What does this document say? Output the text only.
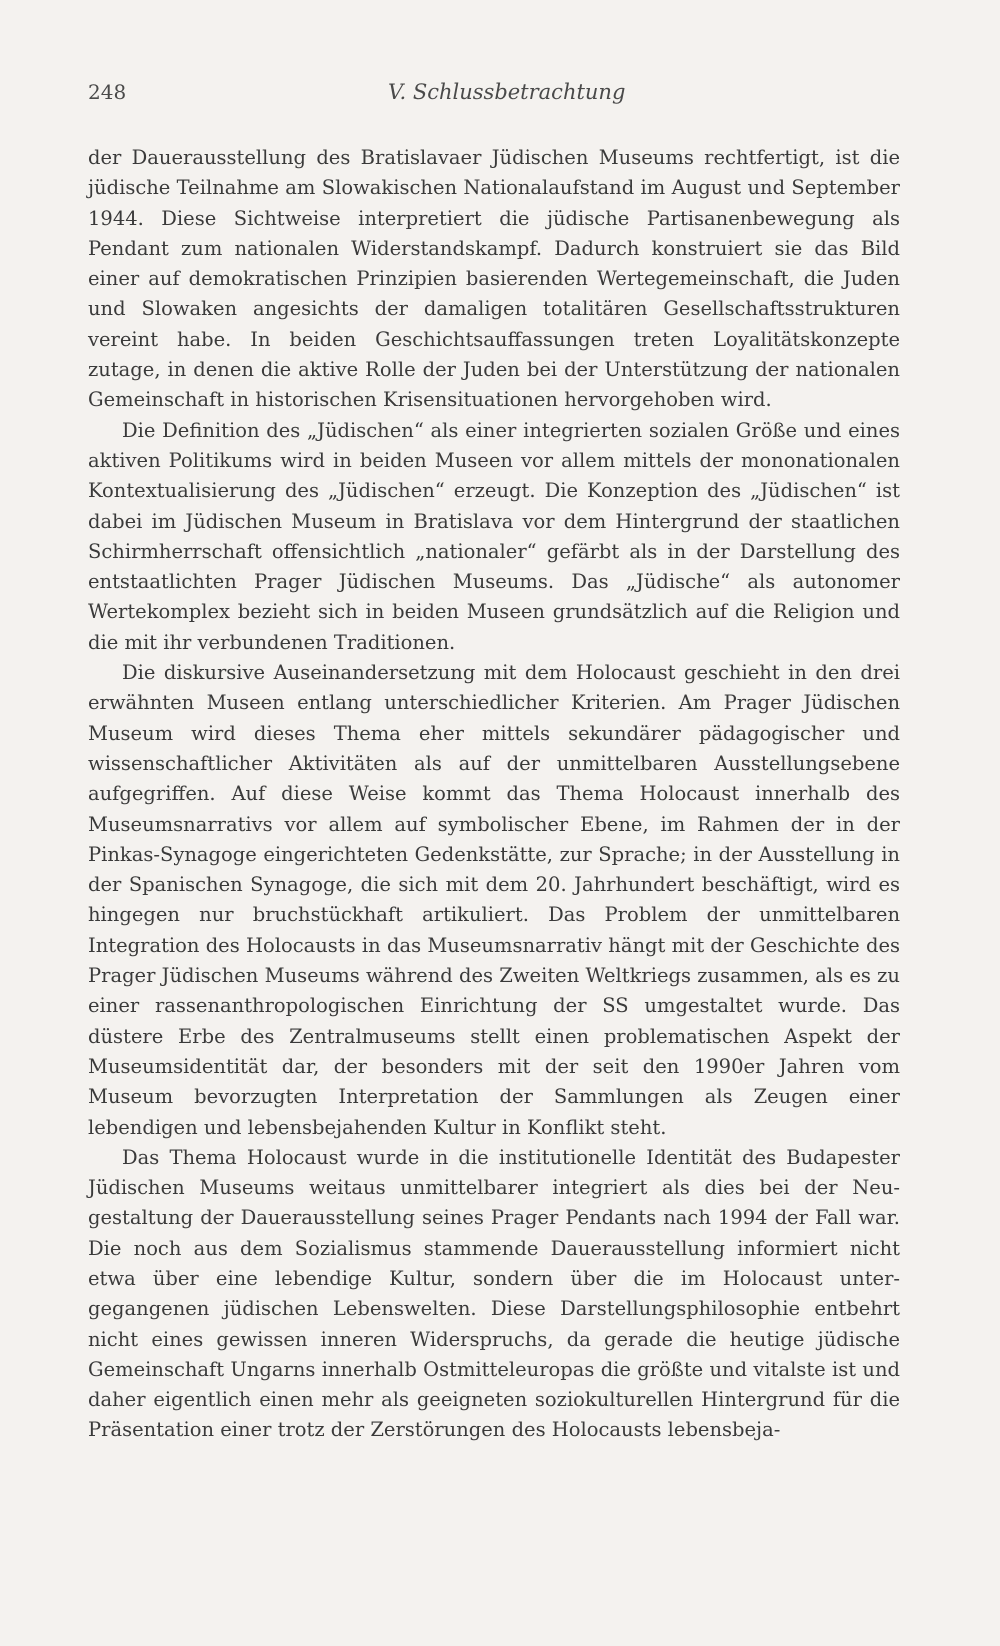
248	V. Schlussbetrachtung

der Dauerausstellung des Bratislavaer Jüdischen Museums rechtfertigt, ist die jüdische Teilnahme am Slowakischen Nationalaufstand im August und September 1944. Diese Sichtweise interpretiert die jüdische Partisanenbewegung als Pendant zum nationalen Widerstandskampf. Dadurch konstruiert sie das Bild einer auf demokratischen Prinzipien basierenden Wertegemeinschaft, die Juden und Slowaken angesichts der damaligen totalitären Gesellschaftsstrukturen vereint habe. In beiden Geschichtsauffassungen treten Loyalitätskonzepte zutage, in denen die aktive Rolle der Juden bei der Unterstützung der nationalen Gemeinschaft in historischen Krisensituationen hervorgehoben wird.

Die Definition des „Jüdischen“ als einer integrierten sozialen Größe und eines aktiven Politikums wird in beiden Museen vor allem mittels der mononationalen Kontextualisierung des „Jüdischen“ erzeugt. Die Konzeption des „Jüdischen“ ist dabei im Jüdischen Museum in Bratislava vor dem Hintergrund der staatlichen Schirmherrschaft offensichtlich „nationaler“ gefärbt als in der Darstellung des entstaatlichten Prager Jüdischen Museums. Das „Jüdische“ als autonomer Wertekomplex bezieht sich in beiden Museen grundsätzlich auf die Religion und die mit ihr verbundenen Traditionen.

Die diskursive Auseinandersetzung mit dem Holocaust geschieht in den drei erwähnten Museen entlang unterschiedlicher Kriterien. Am Prager Jüdischen Museum wird dieses Thema eher mittels sekundärer pädagogischer und wissenschaftlicher Aktivitäten als auf der unmittelbaren Ausstellungsebene aufgegriffen. Auf diese Weise kommt das Thema Holocaust innerhalb des Museumsnarrativs vor allem auf symbolischer Ebene, im Rahmen der in der Pinkas-Synagoge eingerichteten Gedenkstätte, zur Sprache; in der Ausstellung in der Spanischen Synagoge, die sich mit dem 20. Jahrhundert beschäftigt, wird es hingegen nur bruchstückhaft artikuliert. Das Problem der unmittelbaren Integration des Holocausts in das Museumsnarrativ hängt mit der Geschichte des Prager Jüdischen Museums während des Zweiten Weltkriegs zusammen, als es zu einer rassenanthropologischen Einrichtung der SS umgestaltet wurde. Das düstere Erbe des Zentralmuseums stellt einen problematischen Aspekt der Museumsidentität dar, der besonders mit der seit den 1990er Jahren vom Museum bevorzugten Interpretation der Sammlungen als Zeugen einer lebendigen und lebensbejahenden Kultur in Konflikt steht.

Das Thema Holocaust wurde in die institutionelle Identität des Budapester Jüdischen Museums weitaus unmittelbarer integriert als dies bei der Neugestaltung der Dauerausstellung seines Prager Pendants nach 1994 der Fall war. Die noch aus dem Sozialismus stammende Dauerausstellung informiert nicht etwa über eine lebendige Kultur, sondern über die im Holocaust untergegangenen jüdischen Lebenswelten. Diese Darstellungsphilosophie entbehrt nicht eines gewissen inneren Widerspruchs, da gerade die heutige jüdische Gemeinschaft Ungarns innerhalb Ostmitteleuropas die größte und vitalste ist und daher eigentlich einen mehr als geeigneten soziokulturellen Hintergrund für die Präsentation einer trotz der Zerstörungen des Holocausts lebensbeja-
